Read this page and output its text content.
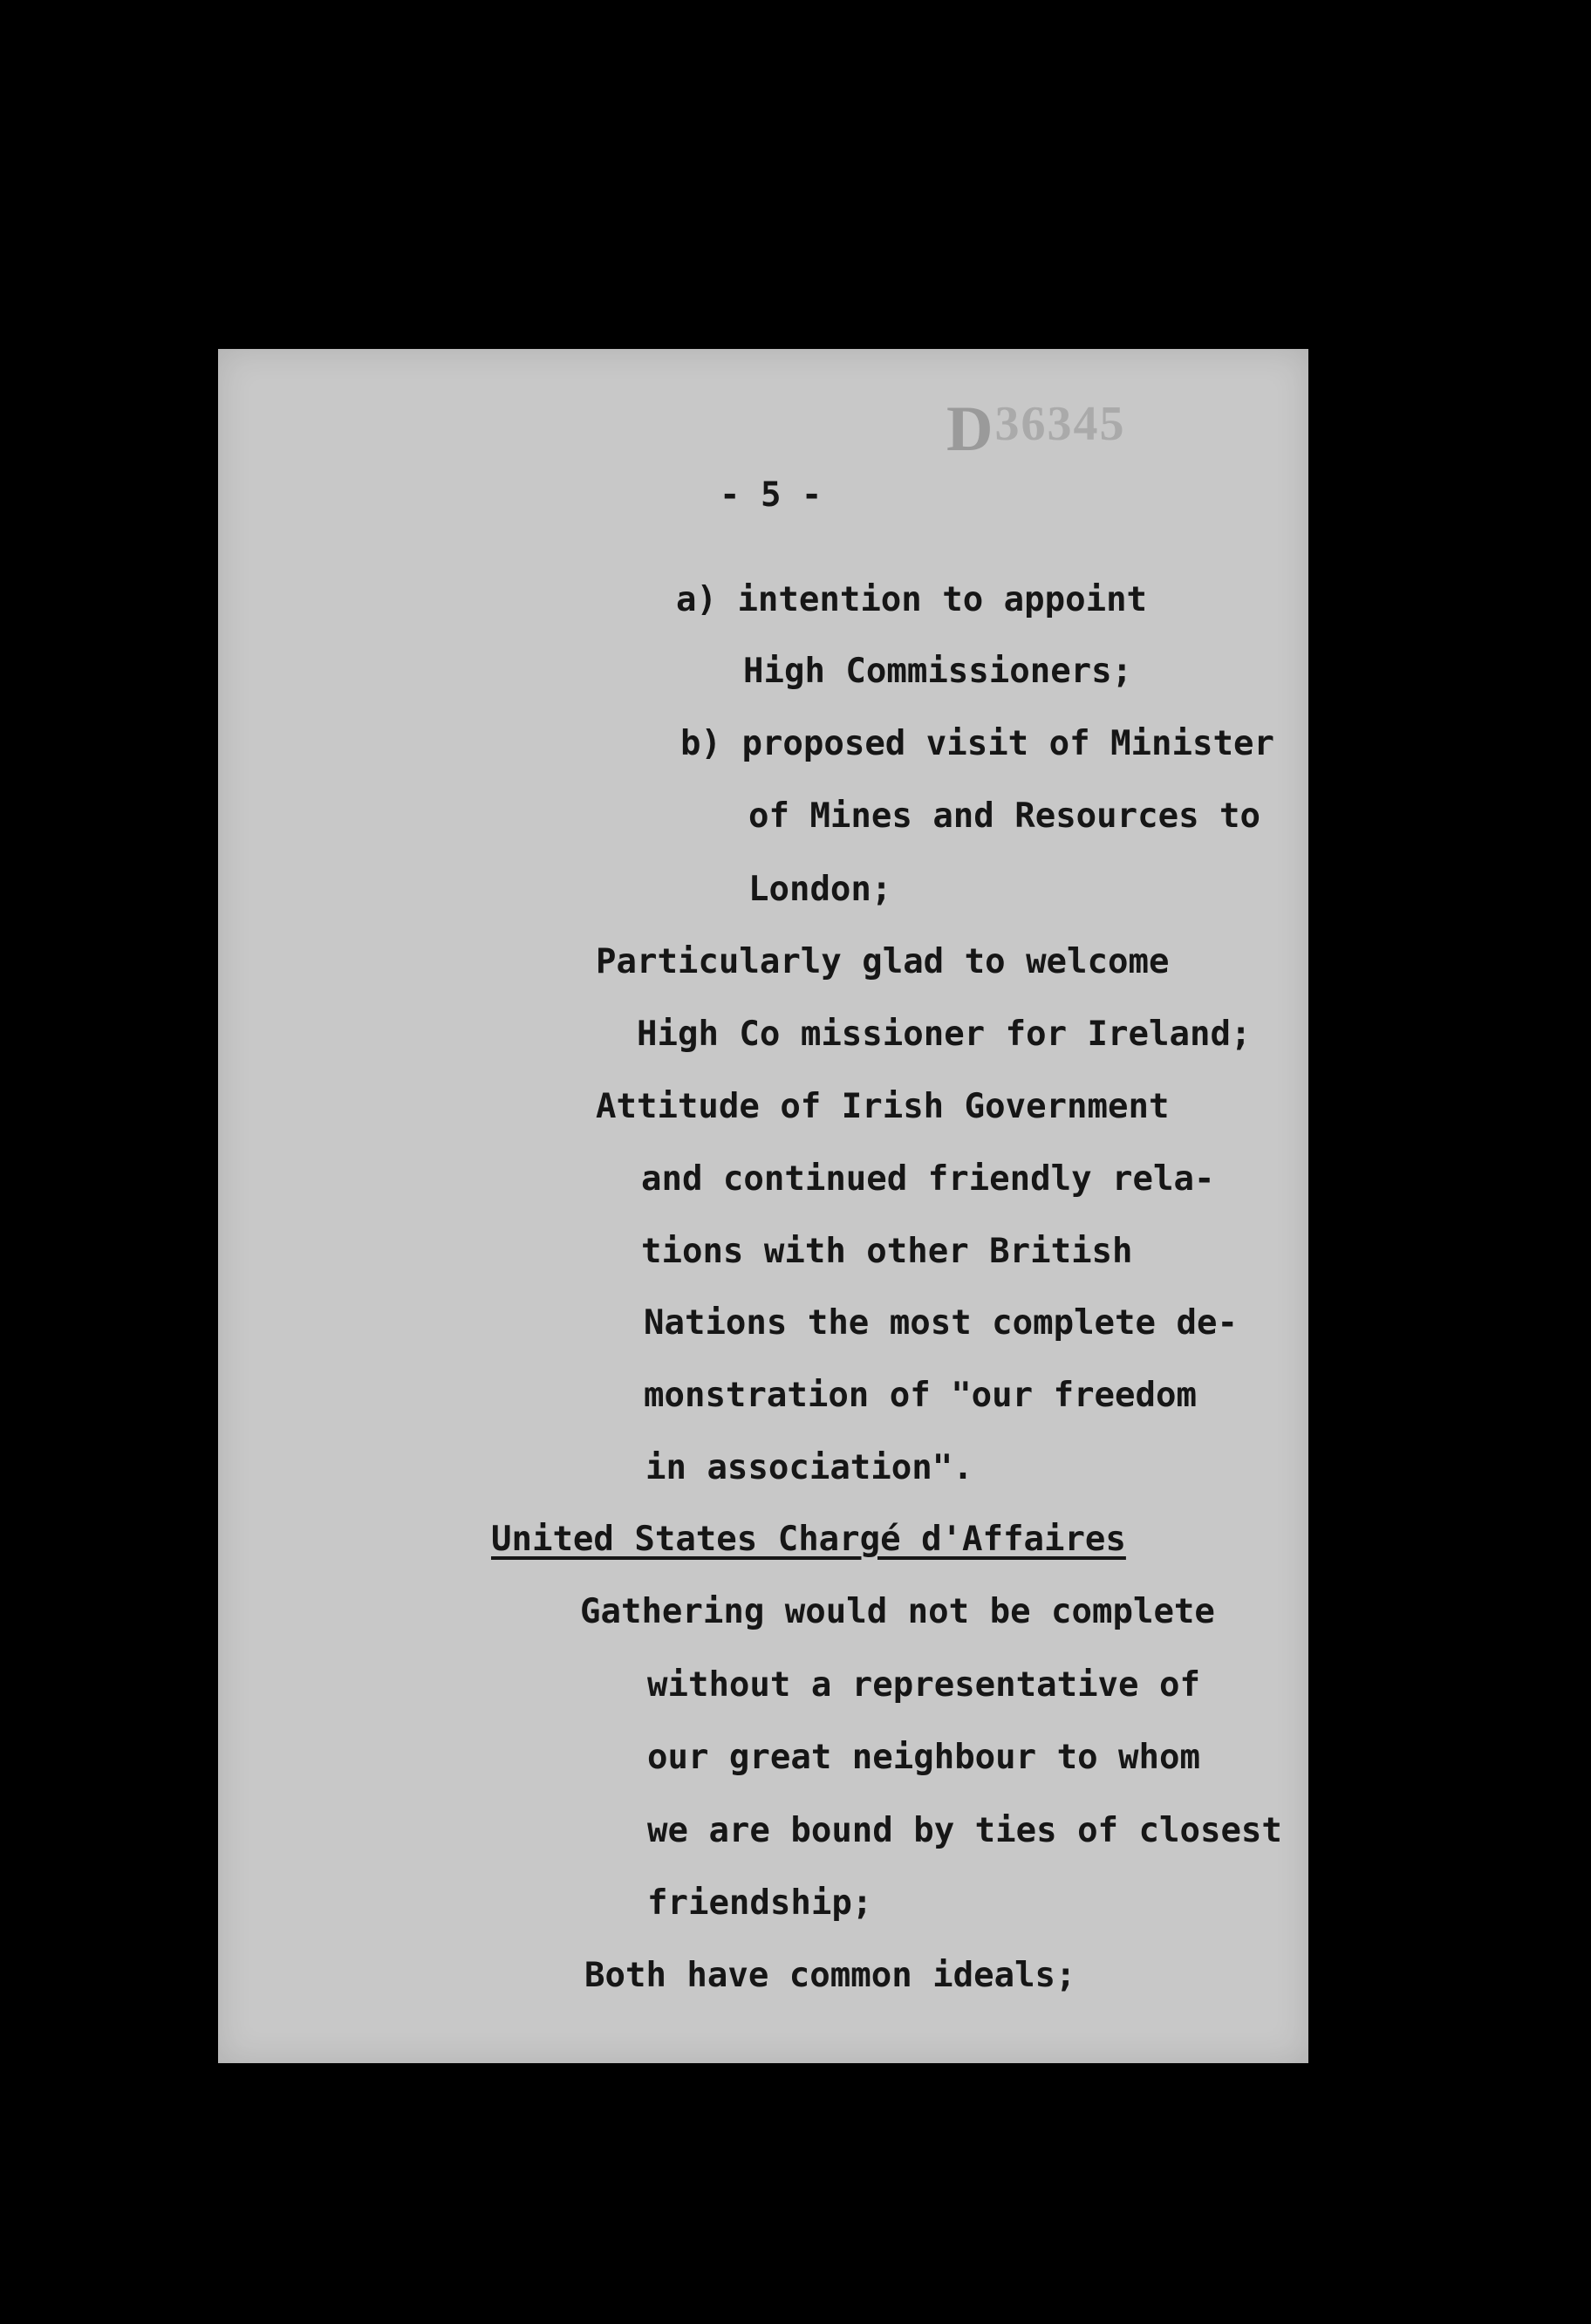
D36345
- 5 -
a) intention to appoint
High Commissioners;
b) proposed visit of Minister
of Mines and Resources to
London;
Particularly glad to welcome
High Co missioner for Ireland;
Attitude of Irish Government
and continued friendly rela-
tions with other British
Nations the most complete de-
monstration of "our freedom
in association".
United States Chargé d'Affaires
Gathering would not be complete
without a representative of
our great neighbour to whom
we are bound by ties of closest
friendship;
Both have common ideals;
